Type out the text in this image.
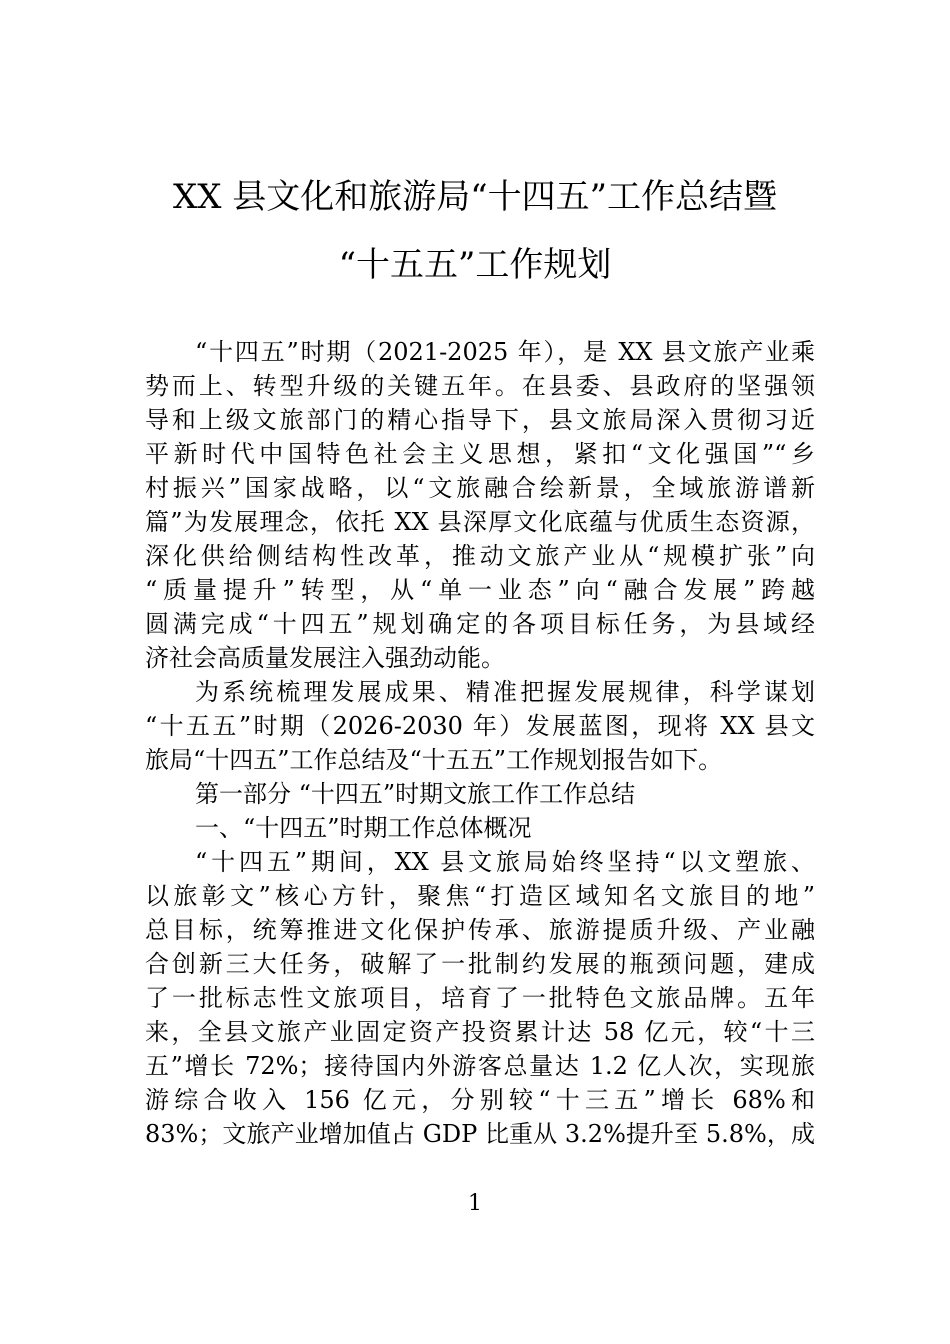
XX 县文化和旅游局“十四五”工作总结暨
“十五五”工作规划
“十四五”时期（2021-2025 年），是 XX 县文旅产业乘
势而上、转型升级的关键五年。在县委、县政府的坚强领
导和上级文旅部门的精心指导下，县文旅局深入贯彻习近
平新时代中国特色社会主义思想，紧扣“文化强国”“乡
村振兴”国家战略，以“文旅融合绘新景，全域旅游谱新
篇”为发展理念，依托 XX 县深厚文化底蕴与优质生态资源，
深化供给侧结构性改革，推动文旅产业从“规模扩张”向
“质量提升”转型，从“单一业态”向“融合发展”跨越
圆满完成“十四五”规划确定的各项目标任务，为县域经
济社会高质量发展注入强劲动能。
为系统梳理发展成果、精准把握发展规律，科学谋划
“十五五”时期（2026-2030 年）发展蓝图，现将 XX 县文
旅局“十四五”工作总结及“十五五”工作规划报告如下。
第一部分 “十四五”时期文旅工作工作总结
一、“十四五”时期工作总体概况
“十四五”期间，XX 县文旅局始终坚持“以文塑旅、
以旅彰文”核心方针，聚焦“打造区域知名文旅目的地”
总目标，统筹推进文化保护传承、旅游提质升级、产业融
合创新三大任务，破解了一批制约发展的瓶颈问题，建成
了一批标志性文旅项目，培育了一批特色文旅品牌。五年
来，全县文旅产业固定资产投资累计达 58 亿元，较“十三
五”增长 72%；接待国内外游客总量达 1.2 亿人次，实现旅
游综合收入 156 亿元，分别较“十三五”增长 68%和
83%；文旅产业增加值占 GDP 比重从 3.2%提升至 5.8%，成
1
